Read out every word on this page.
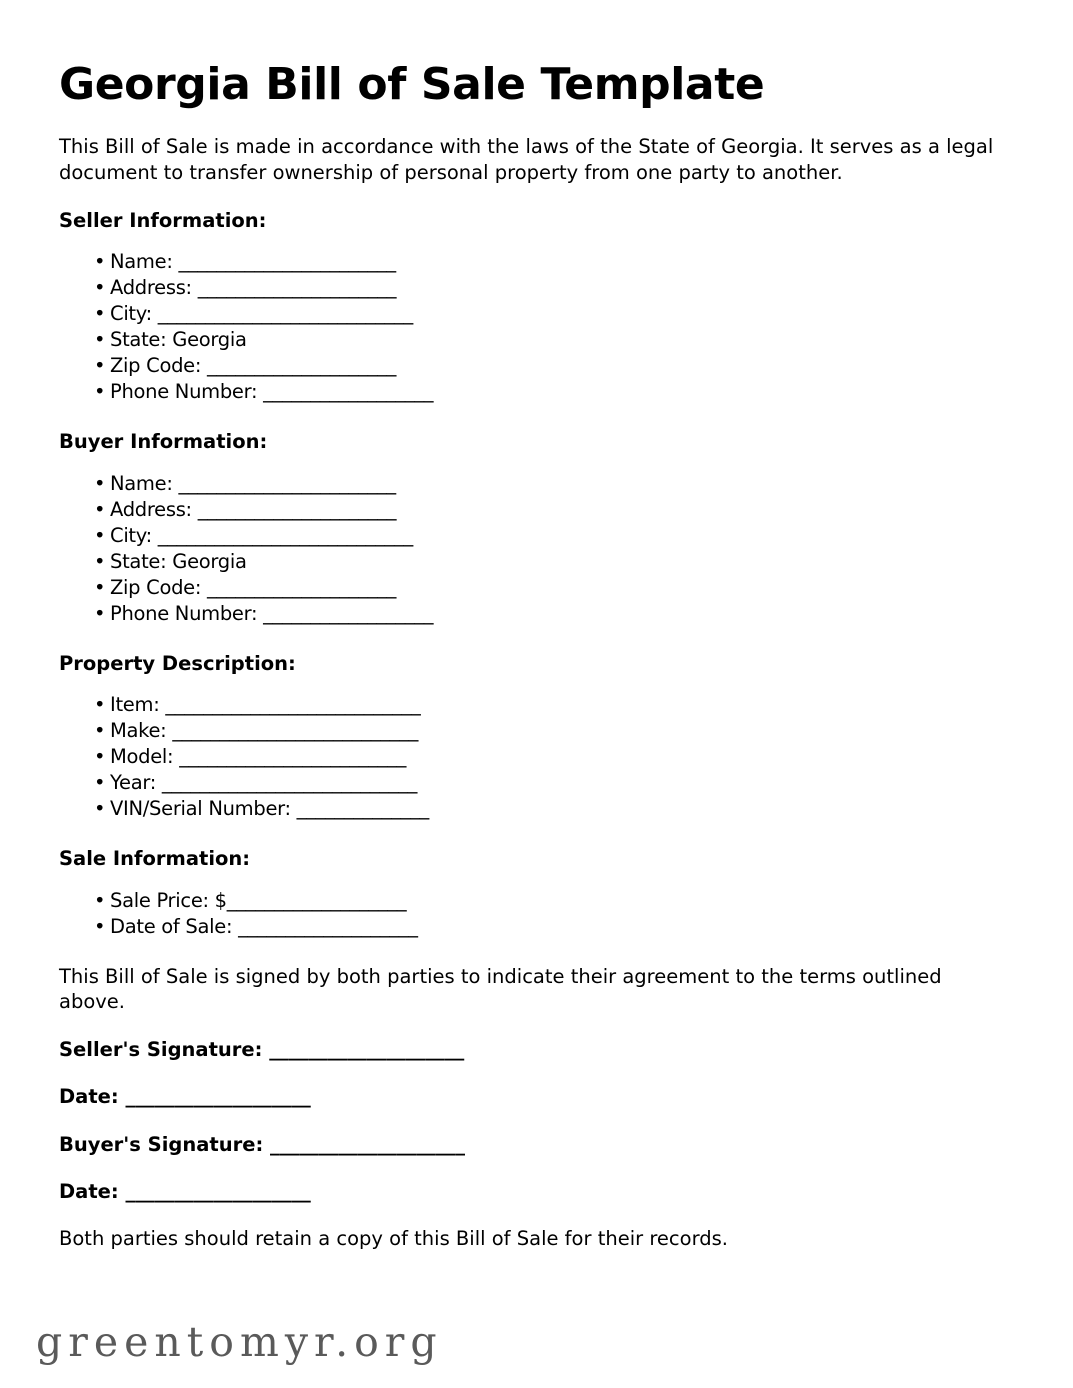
Georgia Bill of Sale Template

This Bill of Sale is made in accordance with the laws of the State of Georgia. It serves as a legal document to transfer ownership of personal property from one party to another.

Seller Information:
• Name: _______________________
• Address: _____________________
• City: ___________________________
• State: Georgia
• Zip Code: ____________________
• Phone Number: __________________
Buyer Information:
• Name: _______________________
• Address: _____________________
• City: ___________________________
• State: Georgia
• Zip Code: ____________________
• Phone Number: __________________
Property Description:
• Item: ___________________________
• Make: __________________________
• Model: ________________________
• Year: ___________________________
• VIN/Serial Number: ______________
Sale Information:
• Sale Price: $___________________
• Date of Sale: ___________________

This Bill of Sale is signed by both parties to indicate their agreement to the terms outlined above.

Seller's Signature: ____________________
Date: ___________________
Buyer's Signature: ____________________
Date: ___________________

Both parties should retain a copy of this Bill of Sale for their records.

greentomyr.org
